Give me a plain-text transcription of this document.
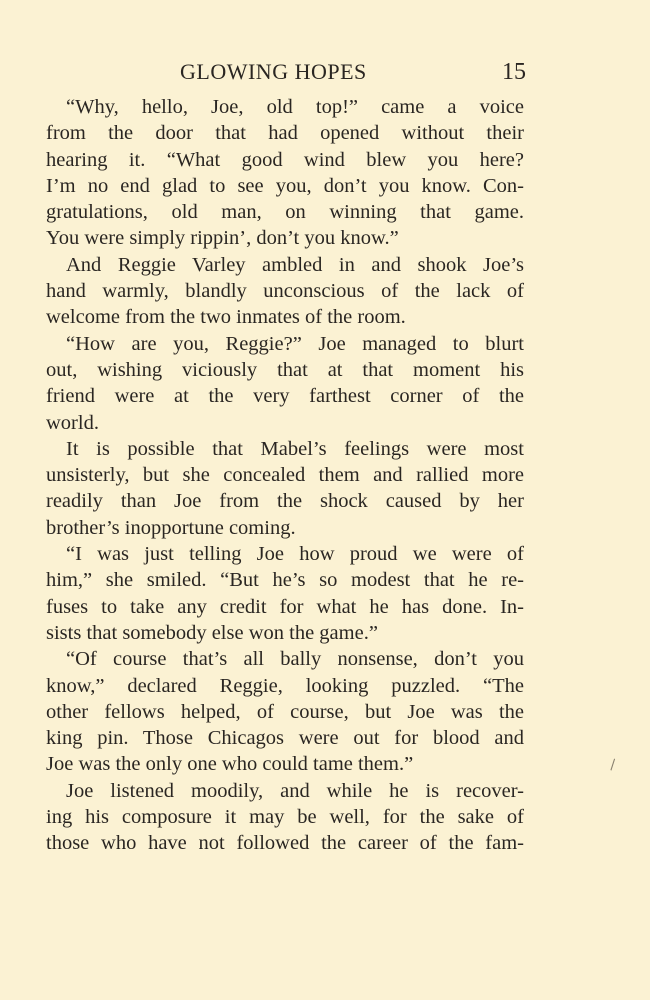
GLOWING HOPES	15
“Why, hello, Joe, old top!” came a voice
from the door that had opened without their
hearing it. “What good wind blew you here?
I’m no end glad to see you, don’t you know. Con-
gratulations, old man, on winning that game.
You were simply rippin’, don’t you know.”
And Reggie Varley ambled in and shook Joe’s
hand warmly, blandly unconscious of the lack of
welcome from the two inmates of the room.
“How are you, Reggie?” Joe managed to blurt
out, wishing viciously that at that moment his
friend were at the very farthest corner of the
world.
It is possible that Mabel’s feelings were most
unsisterly, but she concealed them and rallied more
readily than Joe from the shock caused by her
brother’s inopportune coming.
“I was just telling Joe how proud we were of
him,” she smiled. “But he’s so modest that he re-
fuses to take any credit for what he has done. In-
sists that somebody else won the game.”
“Of course that’s all bally nonsense, don’t you
know,” declared Reggie, looking puzzled. “The
other fellows helped, of course, but Joe was the
king pin. Those Chicagos were out for blood and
Joe was the only one who could tame them.”
Joe listened moodily, and while he is recover-
ing his composure it may be well, for the sake of
those who have not followed the career of the fam-
∖
